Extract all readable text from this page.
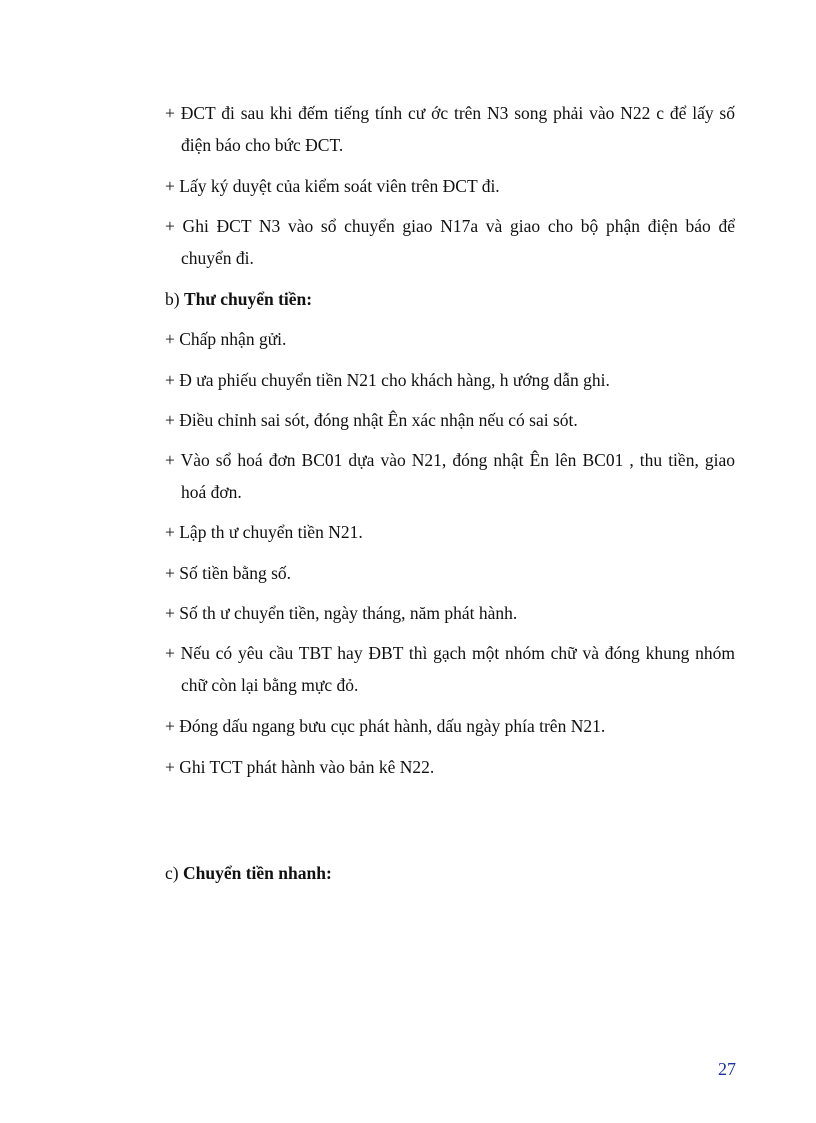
+ ĐCT đi sau khi đếm tiếng tính cư ớc trên N3 song phải vào N22 c để lấy số điện báo cho bức ĐCT.
+ Lấy ký duyệt của kiểm soát viên trên ĐCT đi.
+ Ghi ĐCT N3 vào sổ chuyển giao N17a và giao cho bộ phận điện báo để chuyển đi.
b) Thư chuyển tiền:
+ Chấp nhận gửi.
+ Đ ưa phiếu chuyển tiền N21 cho khách hàng, h ướng dẫn ghi.
+ Điều chỉnh sai sót, đóng nhật Ên xác nhận nếu có sai sót.
+ Vào sổ hoá đơn BC01 dựa vào N21, đóng nhật Ên lên BC01 , thu tiền, giao hoá đơn.
+ Lập th ư chuyển tiền N21.
+ Số tiền bằng số.
+ Số th ư chuyển tiền, ngày tháng, năm phát hành.
+ Nếu có yêu cầu TBT hay ĐBT thì gạch một nhóm chữ và đóng khung nhóm chữ còn lại bằng mực đỏ.
+ Đóng dấu ngang bưu cục phát hành, dấu ngày phía trên N21.
+ Ghi TCT phát hành vào bản kê N22.
c) Chuyển tiền nhanh:
27
